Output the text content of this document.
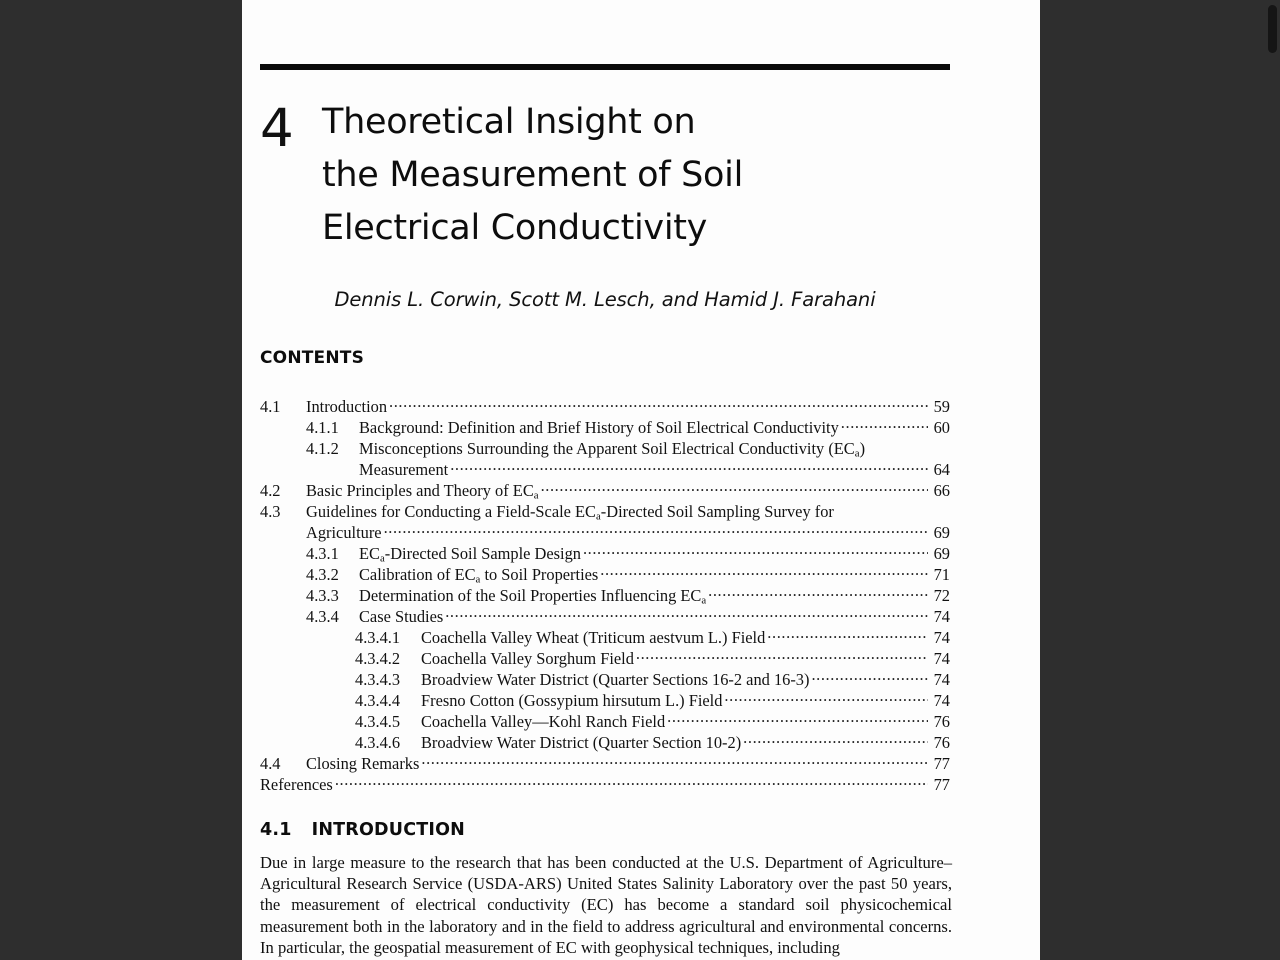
4 Theoretical Insight on
the Measurement of Soil
Electrical Conductivity
Dennis L. Corwin, Scott M. Lesch, and Hamid J. Farahani
CONTENTS
4.1	Introduction .....	59
4.1.1	Background: Definition and Brief History of Soil Electrical Conductivity .....	60
4.1.2	Misconceptions Surrounding the Apparent Soil Electrical Conductivity $(EC_a)$
Measurement .....	64
4.2	Basic Principles and Theory of $EC_a$ .....	66
4.3	Guidelines for Conducting a Field-Scale $EC_a$-Directed Soil Sampling Survey for
Agriculture .....	69
4.3.1	$EC_a$-Directed Soil Sample Design .....	69
4.3.2	Calibration of $EC_a$ to Soil Properties .....	71
4.3.3	Determination of the Soil Properties Influencing $EC_a$ .....	72
4.3.4	Case Studies .....	74
4.3.4.1	Coachella Valley Wheat (Triticum aestvum L.) Field .....	74
4.3.4.2	Coachella Valley Sorghum Field .....	74
4.3.4.3	Broadview Water District (Quarter Sections 16-2 and 16-3) .....	74
4.3.4.4	Fresno Cotton (Gossypium hirsutum L.) Field .....	74
4.3.4.5	Coachella Valley—Kohl Ranch Field .....	76
4.3.4.6	Broadview Water District (Quarter Section 10-2) .....	76
4.4	Closing Remarks .....	77
References .....	77
4.1 INTRODUCTION

Due in large measure to the research that has been conducted at the U.S. Department of Agriculture–Agricultural Research Service (USDA-ARS) United States Salinity Laboratory over the past 50 years, the measurement of electrical conductivity (EC) has become a standard soil physicochemical measurement both in the laboratory and in the field to address agricultural and environmental concerns. In particular, the geospatial measurement of EC with geophysical techniques, including
